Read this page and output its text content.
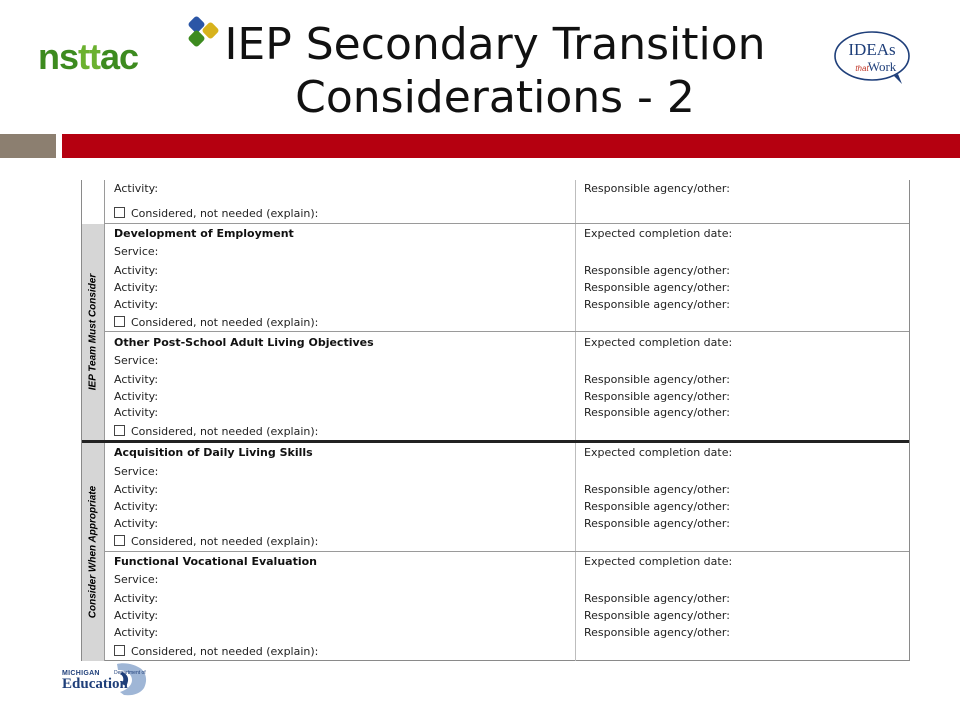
nsttac IEP Secondary Transition
Considerations - 2
IDEAs
that Work
IEP Team Must Consider
Consider When Appropriate
Activity:	Responsible agency/other:
Considered, not needed (explain):
Development of Employment	Expected completion date:
Service:
Activity:	Responsible agency/other:
Activity:	Responsible agency/other:
Activity:	Responsible agency/other:
Considered, not needed (explain):
Other Post-School Adult Living Objectives	Expected completion date:
Service:
Activity:	Responsible agency/other:
Activity:	Responsible agency/other:
Activity:	Responsible agency/other:
Considered, not needed (explain):
Acquisition of Daily Living Skills	Expected completion date:
Service:
Activity:	Responsible agency/other:
Activity:	Responsible agency/other:
Activity:	Responsible agency/other:
Considered, not needed (explain):
Functional Vocational Evaluation	Expected completion date:
Service:
Activity:	Responsible agency/other:
Activity:	Responsible agency/other:
Activity:	Responsible agency/other:
Considered, not needed (explain):
MICHIGAN	Department of
Education
